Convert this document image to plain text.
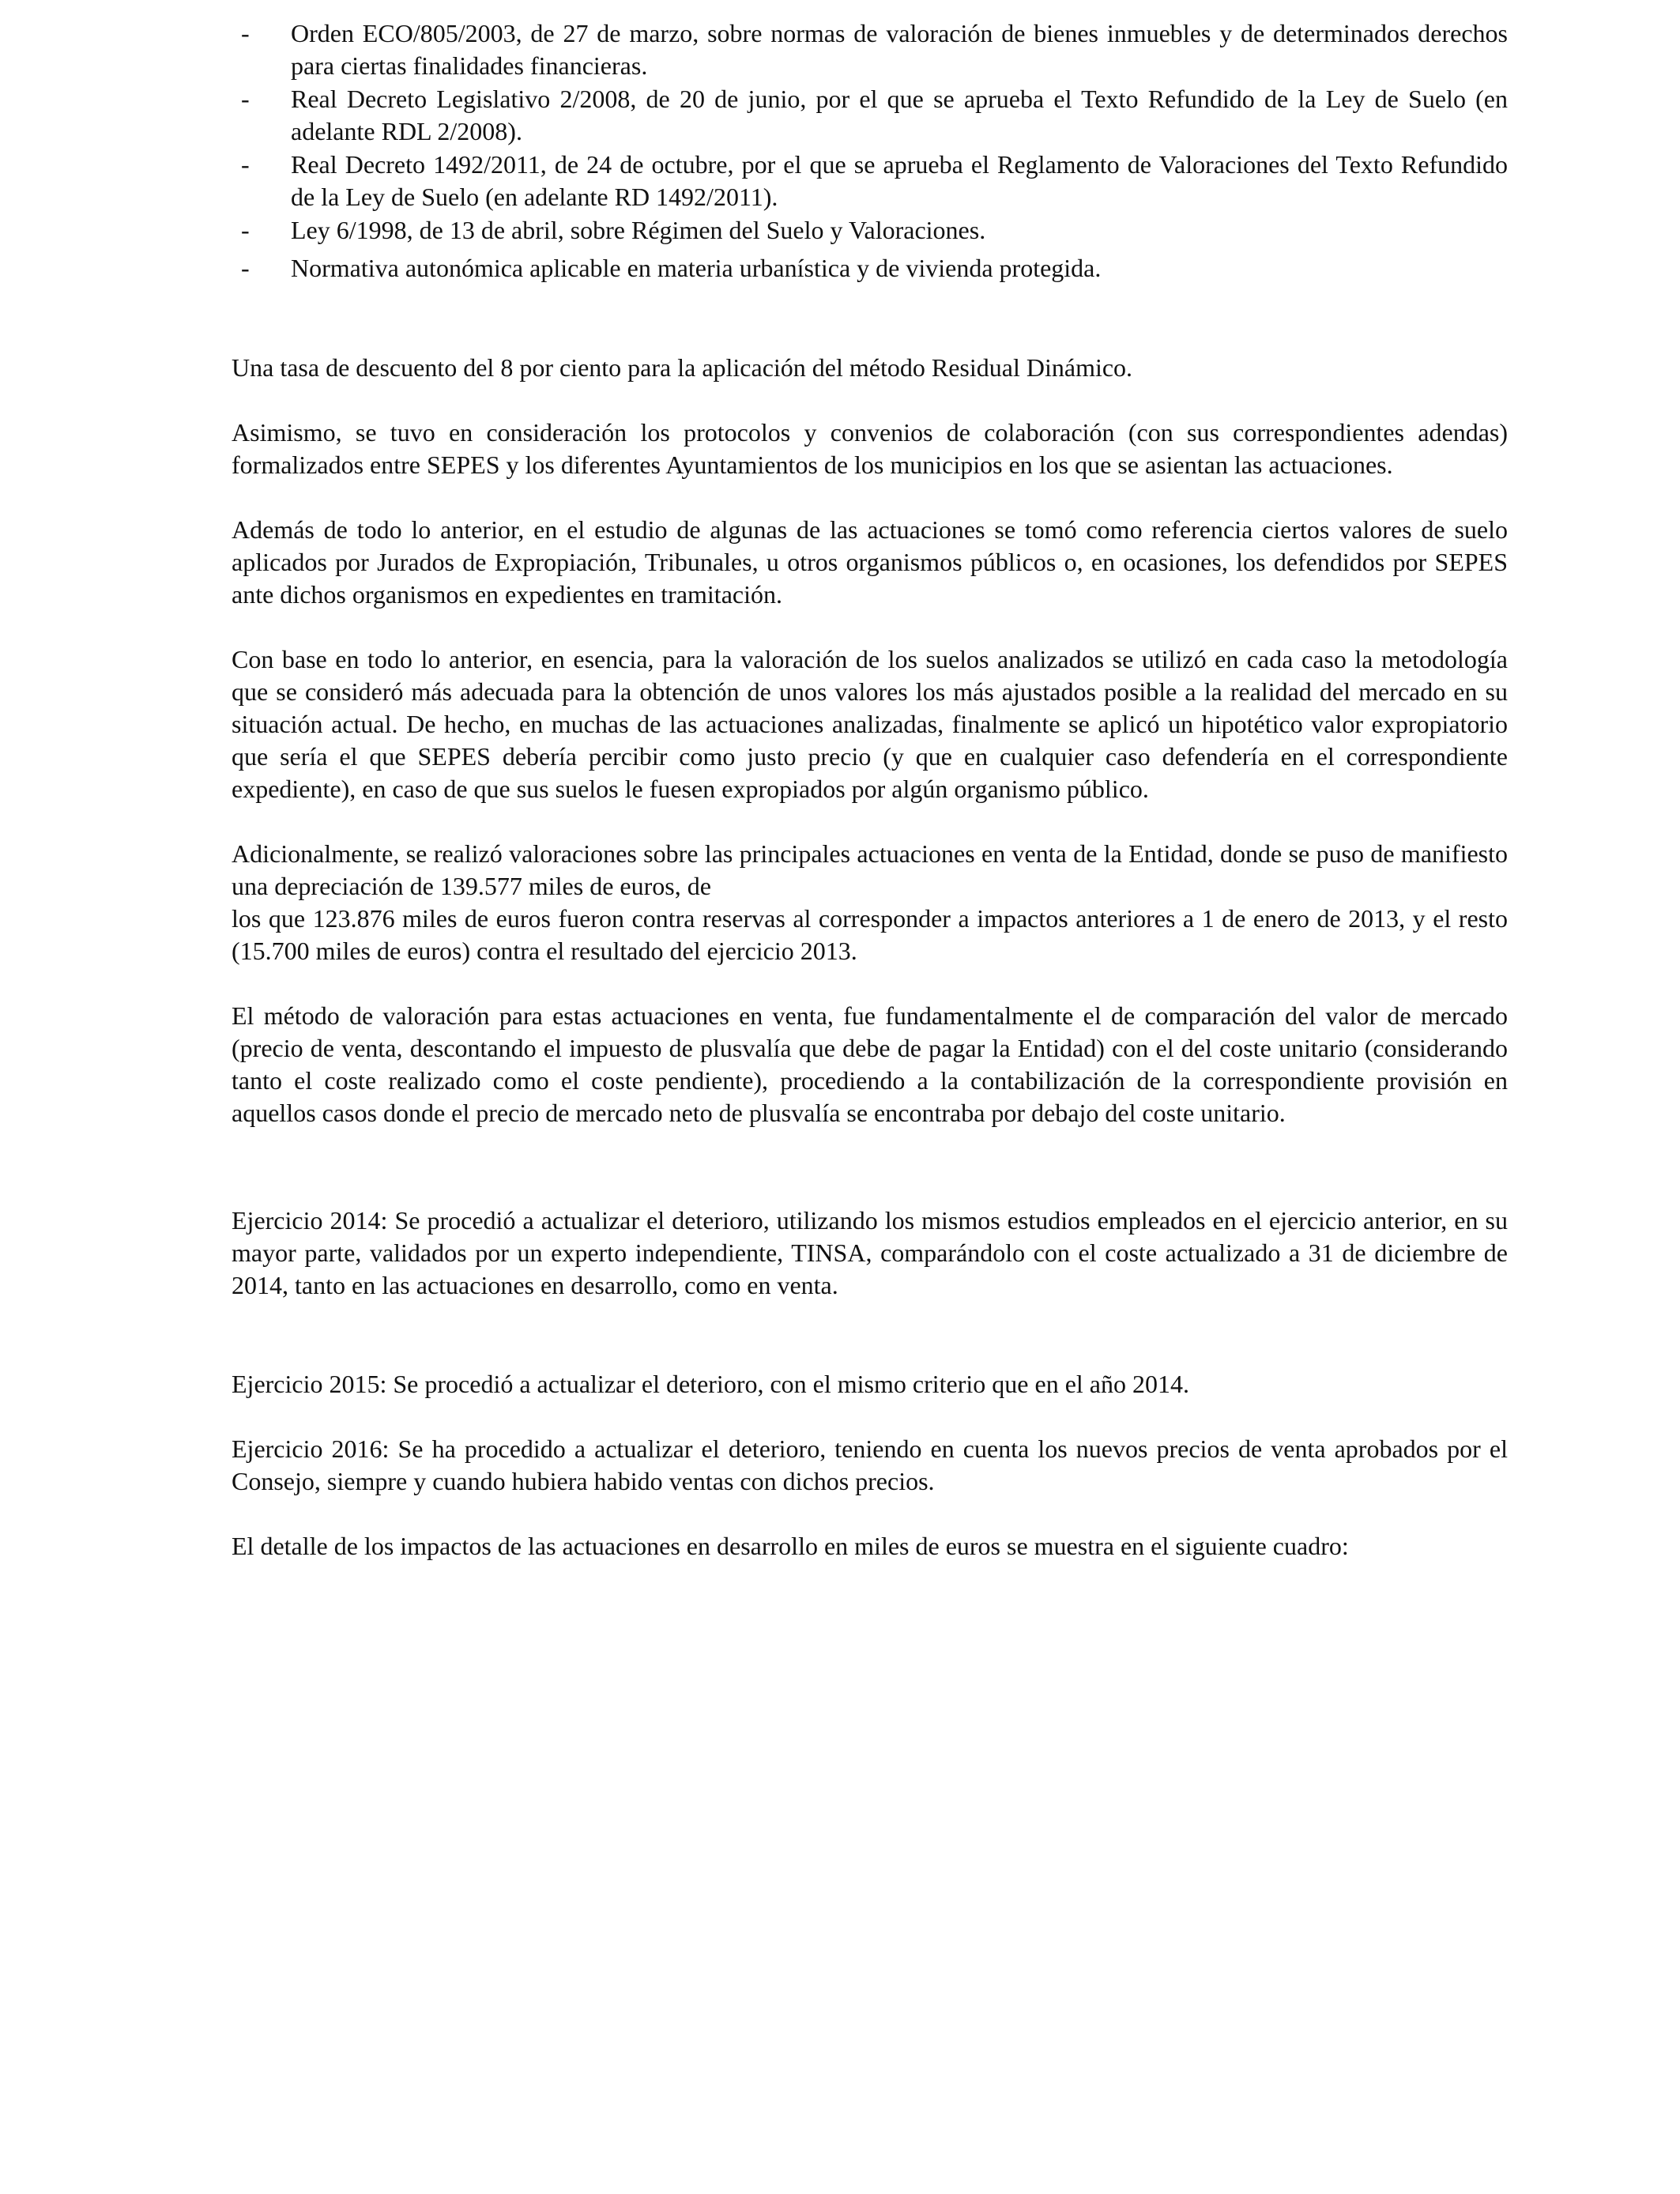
- Orden ECO/805/2003, de 27 de marzo, sobre normas de valoración de bienes inmuebles y de determinados derechos para ciertas finalidades financieras.
- Real Decreto Legislativo 2/2008, de 20 de junio, por el que se aprueba el Texto Refundido de la Ley de Suelo (en adelante RDL 2/2008).
- Real Decreto 1492/2011, de 24 de octubre, por el que se aprueba el Reglamento de Valoraciones del Texto Refundido de la Ley de Suelo (en adelante RD 1492/2011).
- Ley 6/1998, de 13 de abril, sobre Régimen del Suelo y Valoraciones.
- Normativa autonómica aplicable en materia urbanística y de vivienda protegida.

Una tasa de descuento del 8 por ciento para la aplicación del método Residual Dinámico.

Asimismo, se tuvo en consideración los protocolos y convenios de colaboración (con sus correspondientes adendas) formalizados entre SEPES y los diferentes Ayuntamientos de los municipios en los que se asientan las actuaciones.

Además de todo lo anterior, en el estudio de algunas de las actuaciones se tomó como referencia ciertos valores de suelo aplicados por Jurados de Expropiación, Tribunales, u otros organismos públicos o, en ocasiones, los defendidos por SEPES ante dichos organismos en expedientes en tramitación.

Con base en todo lo anterior, en esencia, para la valoración de los suelos analizados se utilizó en cada caso la metodología que se consideró más adecuada para la obtención de unos valores los más ajustados posible a la realidad del mercado en su situación actual. De hecho, en muchas de las actuaciones analizadas, finalmente se aplicó un hipotético valor expropiatorio que sería el que SEPES debería percibir como justo precio (y que en cualquier caso defendería en el correspondiente expediente), en caso de que sus suelos le fuesen expropiados por algún organismo público.

Adicionalmente, se realizó valoraciones sobre las principales actuaciones en venta de la Entidad, donde se puso de manifiesto una depreciación de 139.577 miles de euros, de

los que 123.876 miles de euros fueron contra reservas al corresponder a impactos anteriores a 1 de enero de 2013, y el resto (15.700 miles de euros) contra el resultado del ejercicio 2013.

El método de valoración para estas actuaciones en venta, fue fundamentalmente el de comparación del valor de mercado (precio de venta, descontando el impuesto de plusvalía que debe de pagar la Entidad) con el del coste unitario (considerando tanto el coste realizado como el coste pendiente), procediendo a la contabilización de la correspondiente provisión en aquellos casos donde el precio de mercado neto de plusvalía se encontraba por debajo del coste unitario.

Ejercicio 2014: Se procedió a actualizar el deterioro, utilizando los mismos estudios empleados en el ejercicio anterior, en su mayor parte, validados por un experto independiente, TINSA, comparándolo con el coste actualizado a 31 de diciembre de 2014, tanto en las actuaciones en desarrollo, como en venta.

Ejercicio 2015: Se procedió a actualizar el deterioro, con el mismo criterio que en el año 2014.

Ejercicio 2016: Se ha procedido a actualizar el deterioro, teniendo en cuenta los nuevos precios de venta aprobados por el Consejo, siempre y cuando hubiera habido ventas con dichos precios.

El detalle de los impactos de las actuaciones en desarrollo en miles de euros se muestra en el siguiente cuadro:
